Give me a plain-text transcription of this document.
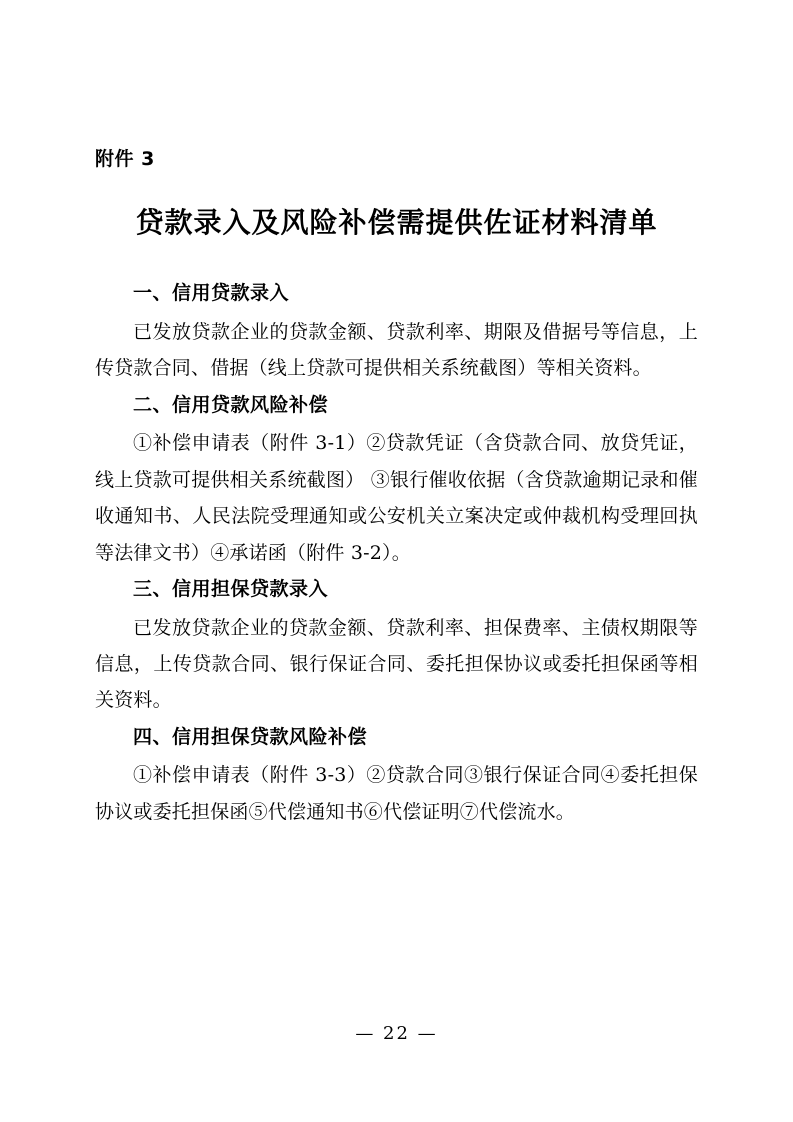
附件 3
贷款录入及风险补偿需提供佐证材料清单
一、信用贷款录入

已发放贷款企业的贷款金额、贷款利率、期限及借据号等信息，上传贷款合同、借据（线上贷款可提供相关系统截图）等相关资料。

二、信用贷款风险补偿

①补偿申请表（附件 3-1）②贷款凭证（含贷款合同、放贷凭证，线上贷款可提供相关系统截图） ③银行催收依据（含贷款逾期记录和催收通知书、人民法院受理通知或公安机关立案决定或仲裁机构受理回执等法律文书）④承诺函（附件 3-2）。

三、信用担保贷款录入

已发放贷款企业的贷款金额、贷款利率、担保费率、主债权期限等信息，上传贷款合同、银行保证合同、委托担保协议或委托担保函等相关资料。

四、信用担保贷款风险补偿

①补偿申请表（附件 3-3）②贷款合同③银行保证合同④委托担保协议或委托担保函⑤代偿通知书⑥代偿证明⑦代偿流水。

— 22 —
